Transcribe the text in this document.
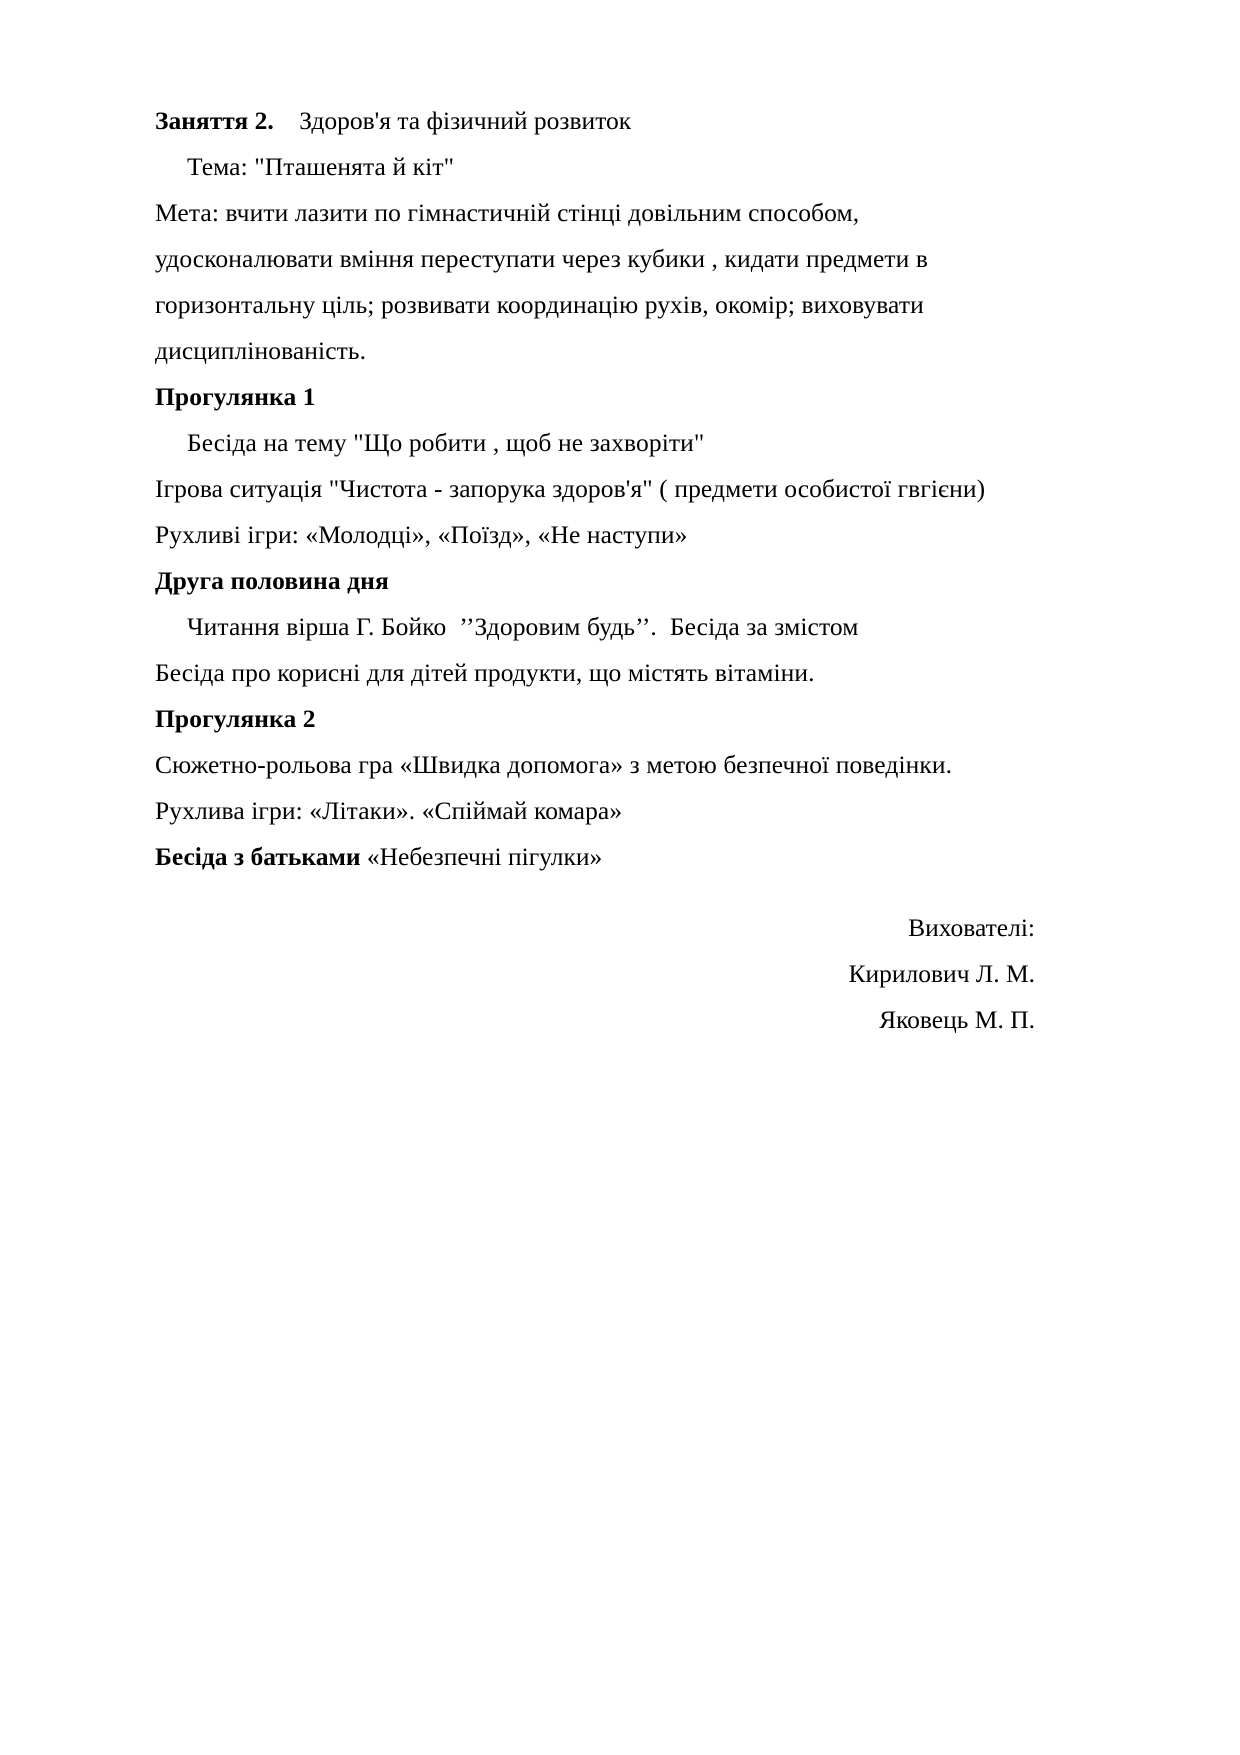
Заняття 2. Здоров'я та фізичний розвиток

Тема: "Пташенята й кіт"

Мета: вчити лазити по гімнастичній стінці довільним способом,

удосконалювати вміння переступати через кубики , кидати предмети в

горизонтальну ціль; розвивати координацію рухів, окомір; виховувати

дисциплінованість.

Прогулянка 1

Бесіда на тему "Що робити , щоб не захворіти"

Ігрова ситуація "Чистота - запорука здоров'я" ( предмети особистої гвгієни)

Рухливі ігри: «Молодці», «Поїзд», «Не наступи»

Друга половина дня

Читання вірша Г. Бойко  ’’Здоровим будь’’.  Бесіда за змістом

Бесіда про корисні для дітей продукти, що містять вітаміни.

Прогулянка 2

Сюжетно-рольова гра «Швидка допомога» з метою безпечної поведінки.

Рухлива ігри: «Літаки». «Спіймай комара»

Бесіда з батьками «Небезпечні пігулки»

Вихователі:

Кирилович Л. М.

Яковець М. П.
